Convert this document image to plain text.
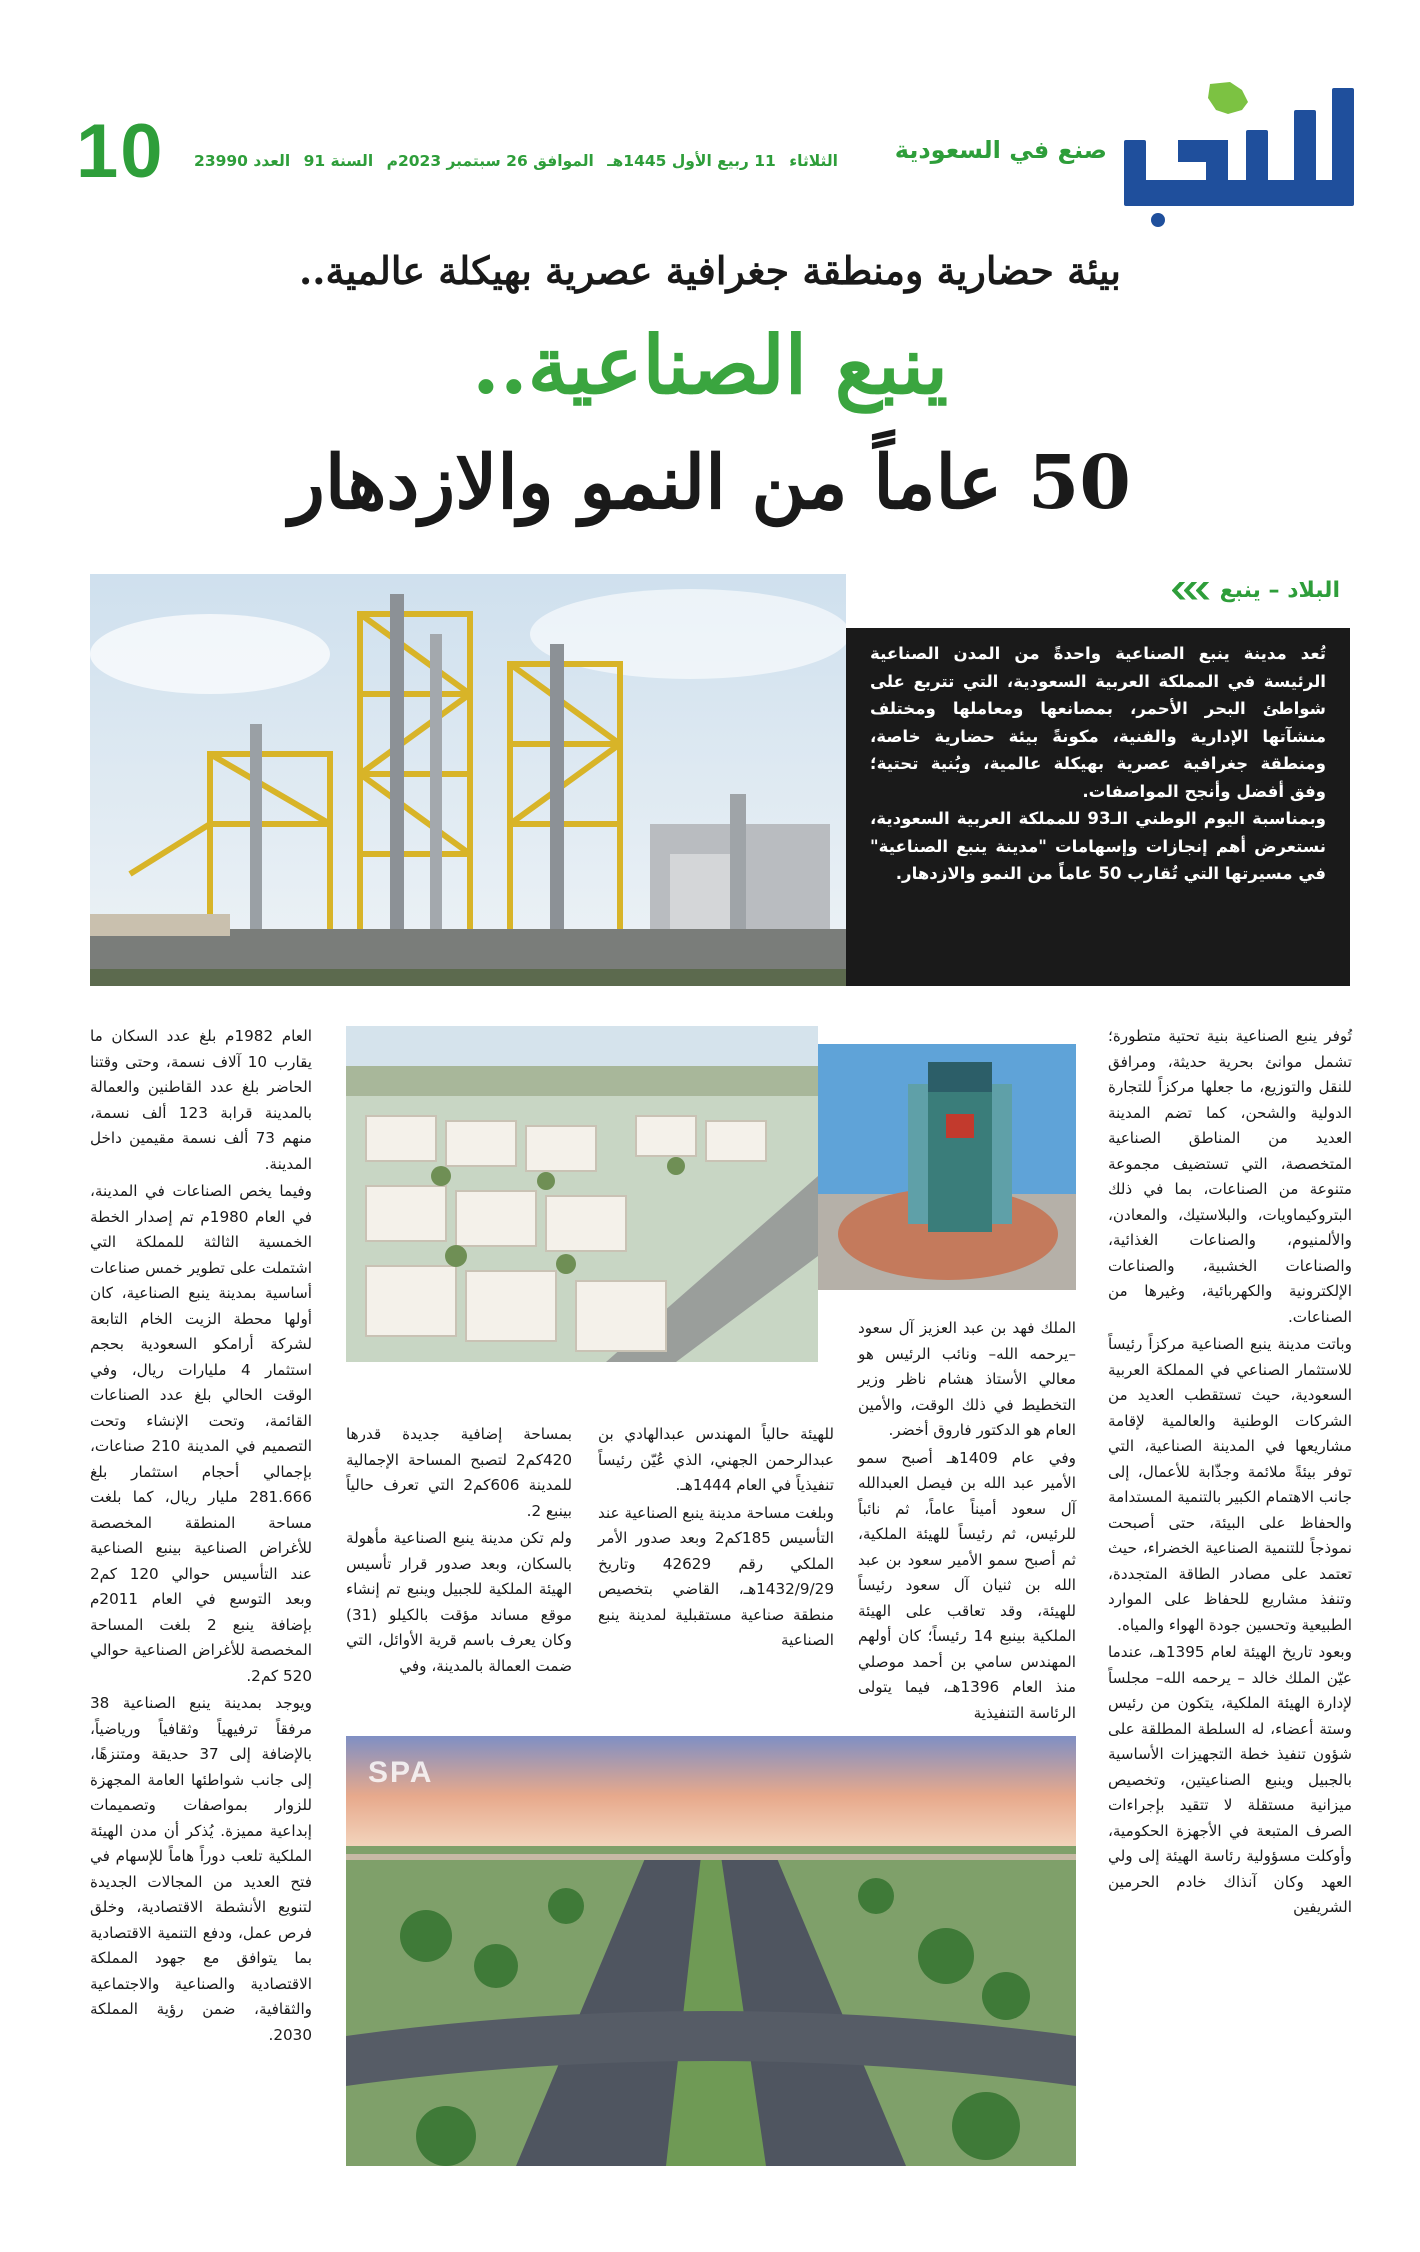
10	الثلاثاء 11 ربيع الأول 1445هـ الموافق 26 سبتمبر 2023م السنة 91 العدد 23990	صنع في السعودية
بيئة حضارية ومنطقة جغرافية عصرية بهيكلة عالمية..
ينبع الصناعية..
50 عاماً من النمو والازدهار
البلاد – ينبع

تُعد مدينة ينبع الصناعية واحدةً من المدن الصناعية الرئيسة في المملكة العربية السعودية، التي تتربع على شواطئ البحر الأحمر، بمصانعها ومعاملها ومختلف منشآتها الإدارية والفنية، مكونةً بيئة حضارية خاصة، ومنطقة جغرافية عصرية بهيكلة عالمية، وبُنية تحتية؛ وفق أفضل وأنجح المواصفات.

وبمناسبة اليوم الوطني الـ93 للمملكة العربية السعودية، نستعرض أهم إنجازات وإسهامات "مدينة ينبع الصناعية" في مسيرتها التي تُقارب 50 عاماً من النمو والازدهار.

SPA

تُوفر ينبع الصناعية بنية تحتية متطورة؛ تشمل موانئ بحرية حديثة، ومرافق للنقل والتوزيع، ما جعلها مركزاً للتجارة الدولية والشحن، كما تضم المدينة العديد من المناطق الصناعية المتخصصة، التي تستضيف مجموعة متنوعة من الصناعات، بما في ذلك البتروكيماويات، والبلاستيك، والمعادن، والألمنيوم، والصناعات الغذائية، والصناعات الخشبية، والصناعات الإلكترونية والكهربائية، وغيرها من الصناعات.

وباتت مدينة ينبع الصناعية مركزاً رئيساً للاستثمار الصناعي في المملكة العربية السعودية، حيث تستقطب العديد من الشركات الوطنية والعالمية لإقامة مشاريعها في المدينة الصناعية، التي توفر بيئةً ملائمة وجذّابة للأعمال، إلى جانب الاهتمام الكبير بالتنمية المستدامة والحفاظ على البيئة، حتى أصبحت نموذجاً للتنمية الصناعية الخضراء، حيث تعتمد على مصادر الطاقة المتجددة، وتنفذ مشاريع للحفاظ على الموارد الطبيعية وتحسين جودة الهواء والمياه.

وبعود تاريخ الهيئة لعام 1395هـ، عندما عيّن الملك خالد – يرحمه الله– مجلساً لإدارة الهيئة الملكية، يتكون من رئيس وستة أعضاء، له السلطة المطلقة على شؤون تنفيذ خطة التجهيزات الأساسية بالجبيل وينبع الصناعيتين، وتخصيص ميزانية مستقلة لا تتقيد بإجراءات الصرف المتبعة في الأجهزة الحكومية، وأوكلت مسؤولية رئاسة الهيئة إلى ولي العهد وكان آنذاك خادم الحرمين الشريفين

الملك فهد بن عبد العزيز آل سعود –يرحمه الله– ونائب الرئيس هو معالي الأستاذ هشام ناظر وزير التخطيط في ذلك الوقت، والأمين العام هو الدكتور فاروق أخضر.

وفي عام 1409هـ أصبح سمو الأمير عبد الله بن فيصل العبدالله آل سعود أميناً عاماً، ثم نائباً للرئيس، ثم رئيساً للهيئة الملكية، ثم أصبح سمو الأمير سعود بن عبد الله بن ثنيان آل سعود رئيساً للهيئة، وقد تعاقب على الهيئة الملكية بينبع 14 رئيساً؛ كان أولهم المهندس سامي بن أحمد موصلي منذ العام 1396هـ، فيما يتولى الرئاسة التنفيذية

للهيئة حالياً المهندس عبدالهادي بن عبدالرحمن الجهني، الذي عُيّن رئيساً تنفيذياً في العام 1444هـ.

وبلغت مساحة مدينة ينبع الصناعية عند التأسيس 185كم2 وبعد صدور الأمر الملكي رقم 42629 وتاريخ 1432/9/29هـ، القاضي بتخصيص منطقة صناعية مستقبلية لمدينة ينبع الصناعية

بمساحة إضافية جديدة قدرها 420كم2 لتصبح المساحة الإجمالية للمدينة 606كم2 التي تعرف حالياً بينبع 2.

ولم تكن مدينة ينبع الصناعية مأهولة بالسكان، وبعد صدور قرار تأسيس الهيئة الملكية للجبيل وينبع تم إنشاء موقع مساند مؤقت بالكيلو (31) وكان يعرف باسم قرية الأوائل، التي ضمت العمالة بالمدينة، وفي

العام 1982م بلغ عدد السكان ما يقارب 10 آلاف نسمة، وحتى وقتنا الحاضر بلغ عدد القاطنين والعمالة بالمدينة قرابة 123 ألف نسمة، منهم 73 ألف نسمة مقيمين داخل المدينة.

وفيما يخص الصناعات في المدينة، في العام 1980م تم إصدار الخطة الخمسية الثالثة للمملكة التي اشتملت على تطوير خمس صناعات أساسية بمدينة ينبع الصناعية، كان أولها محطة الزيت الخام التابعة لشركة أرامكو السعودية بحجم استثمار 4 مليارات ريال، وفي الوقت الحالي بلغ عدد الصناعات القائمة، وتحت الإنشاء وتحت التصميم في المدينة 210 صناعات، بإجمالي أحجام استثمار بلغ 281.666 مليار ريال، كما بلغت مساحة المنطقة المخصصة للأغراض الصناعية بينبع الصناعية عند التأسيس حوالي 120 كم2 وبعد التوسع في العام 2011م بإضافة ينبع 2 بلغت المساحة المخصصة للأغراض الصناعية حوالي 520 كم2.

ويوجد بمدينة ينبع الصناعية 38 مرفقاً ترفيهياً وثقافياً ورياضياً، بالإضافة إلى 37 حديقة ومتنزهًا، إلى جانب شواطئها العامة المجهزة للزوار بمواصفات وتصميمات إبداعية مميزة. يُذكر أن مدن الهيئة الملكية تلعب دوراً هاماً للإسهام في فتح العديد من المجالات الجديدة لتنويع الأنشطة الاقتصادية، وخلق فرص عمل، ودفع التنمية الاقتصادية بما يتوافق مع جهود المملكة الاقتصادية والصناعية والاجتماعية والثقافية، ضمن رؤية المملكة 2030.
